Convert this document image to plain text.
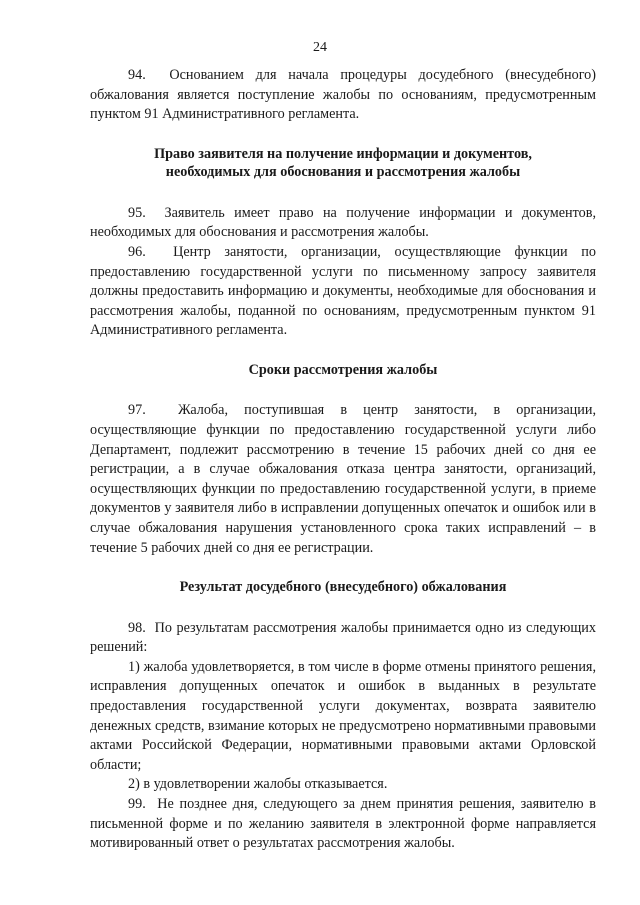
24

94.  Основанием для начала процедуры досудебного (внесудебного) обжалования является поступление жалобы по основаниям, предусмотренным пунктом 91 Административного регламента.

Право заявителя на получение информации и документов, необходимых для обоснования и рассмотрения жалобы

95.  Заявитель имеет право на получение информации и документов, необходимых для обоснования и рассмотрения жалобы.

96.  Центр занятости, организации, осуществляющие функции по предоставлению государственной услуги по письменному запросу заявителя должны предоставить информацию и документы, необходимые для обоснования и рассмотрения жалобы, поданной по основаниям, предусмотренным пунктом 91 Административного регламента.

Сроки рассмотрения жалобы

97.  Жалоба, поступившая в центр занятости, в организации, осуществляющие функции по предоставлению государственной услуги либо Департамент, подлежит рассмотрению в течение 15 рабочих дней со дня ее регистрации, а в случае обжалования отказа центра занятости, организаций, осуществляющих функции по предоставлению государственной услуги, в приеме документов у заявителя либо в исправлении допущенных опечаток и ошибок или в случае обжалования нарушения установленного срока таких исправлений – в течение 5 рабочих дней со дня ее регистрации.

Результат досудебного (внесудебного) обжалования

98.  По результатам рассмотрения жалобы принимается одно из следующих решений:

1) жалоба удовлетворяется, в том числе в форме отмены принятого решения, исправления допущенных опечаток и ошибок в выданных в результате предоставления государственной услуги документах, возврата заявителю денежных средств, взимание которых не предусмотрено нормативными правовыми актами Российской Федерации, нормативными правовыми актами Орловской области;

2) в удовлетворении жалобы отказывается.

99.  Не позднее дня, следующего за днем принятия решения, заявителю в письменной форме и по желанию заявителя в электронной форме направляется мотивированный ответ о результатах рассмотрения жалобы.
